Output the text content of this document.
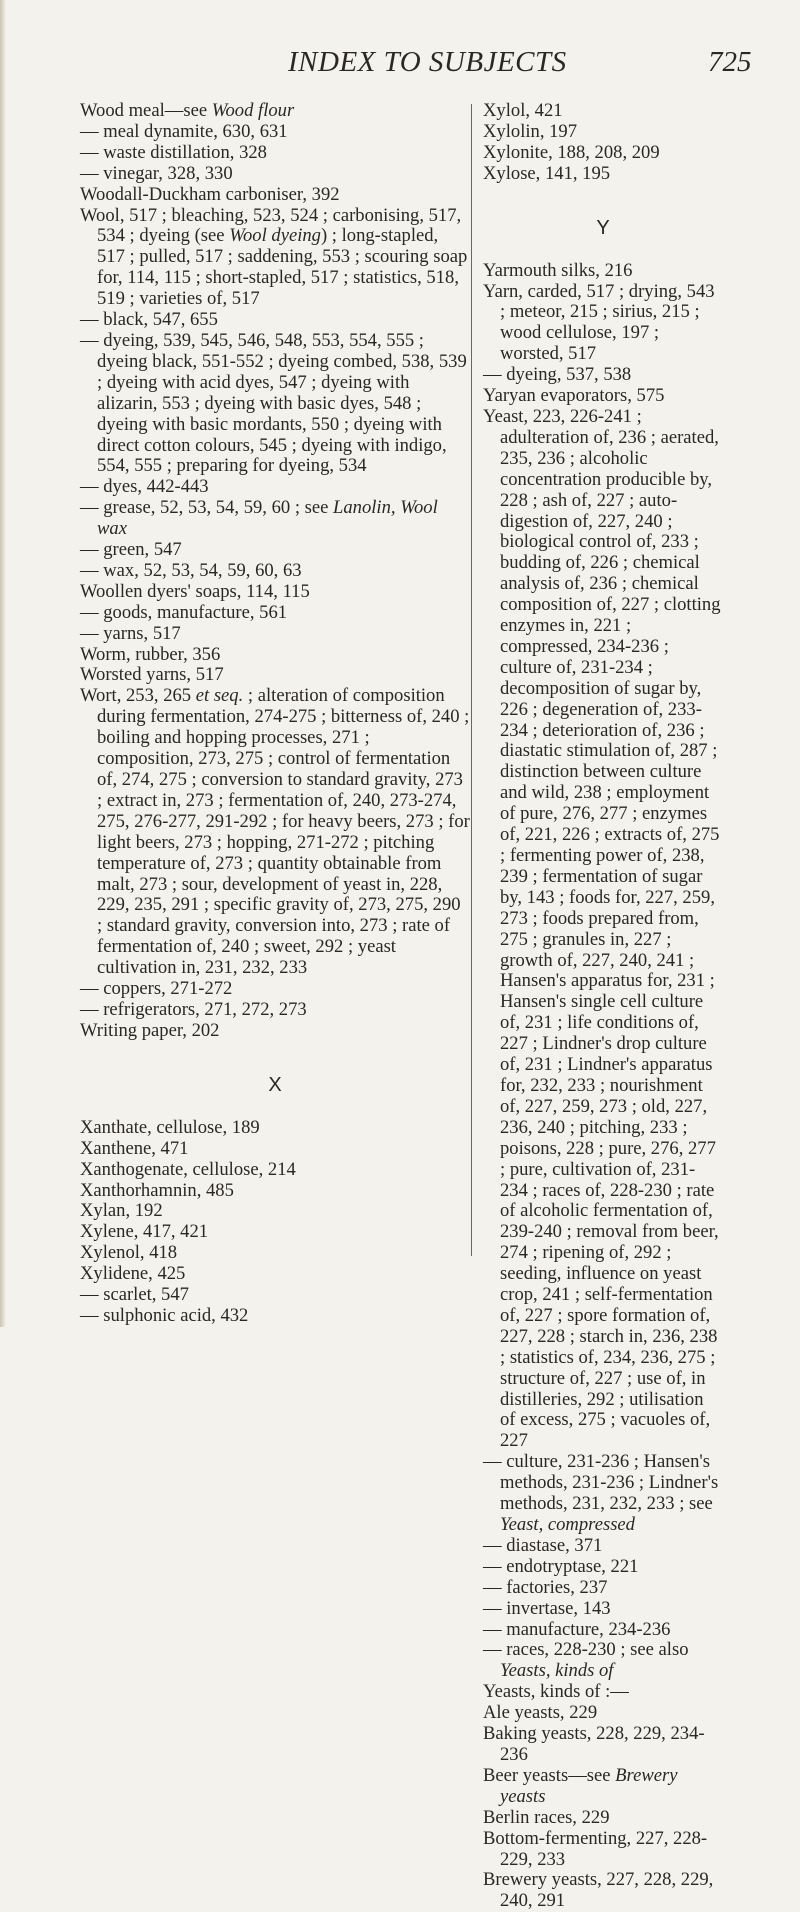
INDEX TO SUBJECTS	725

Wood meal—see Wood flour

— meal dynamite, 630, 631

— waste distillation, 328

— vinegar, 328, 330

Woodall-Duckham carboniser, 392

Wool, 517 ; bleaching, 523, 524 ; carbonising, 517, 534 ; dyeing (see Wool dyeing) ; long-stapled, 517 ; pulled, 517 ; saddening, 553 ; scouring soap for, 114, 115 ; short-stapled, 517 ; statistics, 518, 519 ; varieties of, 517

— black, 547, 655

— dyeing, 539, 545, 546, 548, 553, 554, 555 ; dyeing black, 551-552 ; dyeing combed, 538, 539 ; dyeing with acid dyes, 547 ; dyeing with alizarin, 553 ; dyeing with basic dyes, 548 ; dyeing with basic mordants, 550 ; dyeing with direct cotton colours, 545 ; dyeing with indigo, 554, 555 ; preparing for dyeing, 534

— dyes, 442-443

— grease, 52, 53, 54, 59, 60 ; see Lanolin, Wool wax

— green, 547

— wax, 52, 53, 54, 59, 60, 63

Woollen dyers' soaps, 114, 115

— goods, manufacture, 561

— yarns, 517

Worm, rubber, 356

Worsted yarns, 517

Wort, 253, 265 et seq. ; alteration of composition during fermentation, 274-275 ; bitterness of, 240 ; boiling and hopping processes, 271 ; composition, 273, 275 ; control of fermentation of, 274, 275 ; conversion to standard gravity, 273 ; extract in, 273 ; fermentation of, 240, 273-274, 275, 276-277, 291-292 ; for heavy beers, 273 ; for light beers, 273 ; hopping, 271-272 ; pitching temperature of, 273 ; quantity obtainable from malt, 273 ; sour, development of yeast in, 228, 229, 235, 291 ; specific gravity of, 273, 275, 290 ; standard gravity, conversion into, 273 ; rate of fermentation of, 240 ; sweet, 292 ; yeast cultivation in, 231, 232, 233

— coppers, 271-272

— refrigerators, 271, 272, 273

Writing paper, 202

X

Xanthate, cellulose, 189

Xanthene, 471

Xanthogenate, cellulose, 214

Xanthorhamnin, 485

Xylan, 192

Xylene, 417, 421

Xylenol, 418

Xylidene, 425

— scarlet, 547

— sulphonic acid, 432

Xylol, 421

Xylolin, 197

Xylonite, 188, 208, 209

Xylose, 141, 195

Y

Yarmouth silks, 216

Yarn, carded, 517 ; drying, 543 ; meteor, 215 ; sirius, 215 ; wood cellulose, 197 ; worsted, 517

— dyeing, 537, 538

Yaryan evaporators, 575

Yeast, 223, 226-241 ; adulteration of, 236 ; aerated, 235, 236 ; alcoholic concentration producible by, 228 ; ash of, 227 ; auto-digestion of, 227, 240 ; biological control of, 233 ; budding of, 226 ; chemical analysis of, 236 ; chemical composition of, 227 ; clotting enzymes in, 221 ; compressed, 234-236 ; culture of, 231-234 ; decomposition of sugar by, 226 ; degeneration of, 233-234 ; deterioration of, 236 ; diastatic stimulation of, 287 ; distinction between culture and wild, 238 ; employment of pure, 276, 277 ; enzymes of, 221, 226 ; extracts of, 275 ; fermenting power of, 238, 239 ; fermentation of sugar by, 143 ; foods for, 227, 259, 273 ; foods prepared from, 275 ; granules in, 227 ; growth of, 227, 240, 241 ; Hansen's apparatus for, 231 ; Hansen's single cell culture of, 231 ; life conditions of, 227 ; Lindner's drop culture of, 231 ; Lindner's apparatus for, 232, 233 ; nourishment of, 227, 259, 273 ; old, 227, 236, 240 ; pitching, 233 ; poisons, 228 ; pure, 276, 277 ; pure, cultivation of, 231-234 ; races of, 228-230 ; rate of alcoholic fermentation of, 239-240 ; removal from beer, 274 ; ripening of, 292 ; seeding, influence on yeast crop, 241 ; self-fermentation of, 227 ; spore formation of, 227, 228 ; starch in, 236, 238 ; statistics of, 234, 236, 275 ; structure of, 227 ; use of, in distilleries, 292 ; utilisation of excess, 275 ; vacuoles of, 227

— culture, 231-236 ; Hansen's methods, 231-236 ; Lindner's methods, 231, 232, 233 ; see Yeast, compressed

— diastase, 371

— endotryptase, 221

— factories, 237

— invertase, 143

— manufacture, 234-236

— races, 228-230 ; see also Yeasts, kinds of

Yeasts, kinds of :—

Ale yeasts, 229

Baking yeasts, 228, 229, 234-236

Beer yeasts—see Brewery yeasts

Berlin races, 229

Bottom-fermenting, 227, 228-229, 233

Brewery yeasts, 227, 228, 229, 240, 291
